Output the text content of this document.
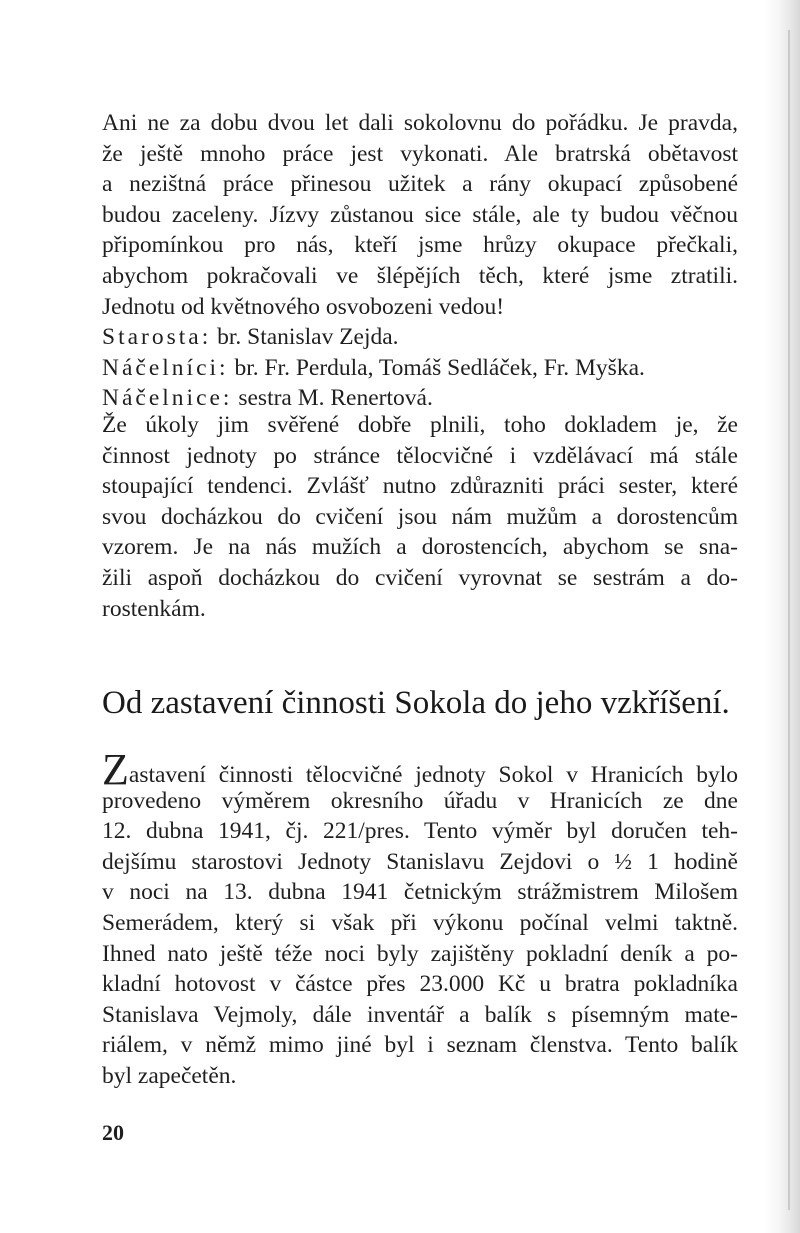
Ani ne za dobu dvou let dali sokolovnu do pořádku. Je pravda,
že ještě mnoho práce jest vykonati. Ale bratrská obětavost
a nezištná práce přinesou užitek a rány okupací způsobené
budou zaceleny. Jízvy zůstanou sice stále, ale ty budou věčnou
připomínkou pro nás, kteří jsme hrůzy okupace přečkali,
abychom pokračovali ve šlépějích těch, které jsme ztratili.
Jednotu od květnového osvobozeni vedou!
Starosta: br. Stanislav Zejda.
Náčelníci: br. Fr. Perdula, Tomáš Sedláček, Fr. Myška.
Náčelnice: sestra M. Renertová.
Že úkoly jim svěřené dobře plnili, toho dokladem je, že
činnost jednoty po stránce tělocvičné i vzdělávací má stále
stoupající tendenci. Zvlášť nutno zdůrazniti práci sester, které
svou docházkou do cvičení jsou nám mužům a dorostencům
vzorem. Je na nás mužích a dorostencích, abychom se sna-
žili aspoň docházkou do cvičení vyrovnat se sestrám a do-
rostenkám.
Od zastavení činnosti Sokola do jeho vzkříšení.
Zastavení činnosti tělocvičné jednoty Sokol v Hranicích bylo
provedeno výměrem okresního úřadu v Hranicích ze dne
12. dubna 1941, čj. 221/pres. Tento výměr byl doručen teh-
dejšímu starostovi Jednoty Stanislavu Zejdovi o ½ 1 hodině
v noci na 13. dubna 1941 četnickým strážmistrem Milošem
Semerádem, který si však při výkonu počínal velmi taktně.
Ihned nato ještě téže noci byly zajištěny pokladní deník a po-
kladní hotovost v částce přes 23.000 Kč u bratra pokladníka
Stanislava Vejmoly, dále inventář a balík s písemným mate-
riálem, v němž mimo jiné byl i seznam členstva. Tento balík
byl zapečetěn.
20
